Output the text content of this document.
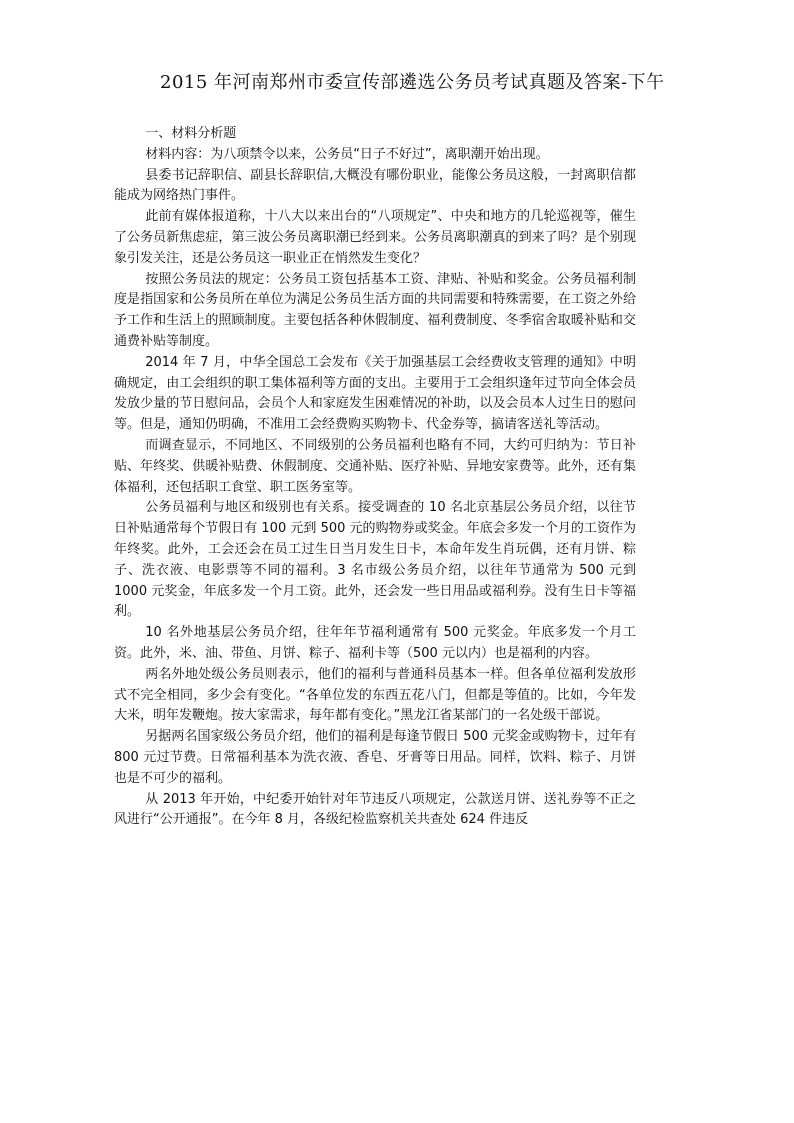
2015 年河南郑州市委宣传部遴选公务员考试真题及答案-下午

一、材料分析题

材料内容：为八项禁令以来，公务员“日子不好过”，离职潮开始出现。

县委书记辞职信、副县长辞职信,大概没有哪份职业，能像公务员这般，一封离职信都能成为网络热门事件。

此前有媒体报道称，十八大以来出台的“八项规定”、中央和地方的几轮巡视等，催生了公务员新焦虑症，第三波公务员离职潮已经到来。公务员离职潮真的到来了吗？是个别现象引发关注，还是公务员这一职业正在悄然发生变化？

按照公务员法的规定：公务员工资包括基本工资、津贴、补贴和奖金。公务员福利制度是指国家和公务员所在单位为满足公务员生活方面的共同需要和特殊需要，在工资之外给予工作和生活上的照顾制度。主要包括各种休假制度、福利费制度、冬季宿舍取暖补贴和交通费补贴等制度。

2014 年 7 月，中华全国总工会发布《关于加强基层工会经费收支管理的通知》中明确规定，由工会组织的职工集体福利等方面的支出。主要用于工会组织逢年过节向全体会员发放少量的节日慰问品，会员个人和家庭发生困难情况的补助，以及会员本人过生日的慰问等。但是，通知仍明确，不准用工会经费购买购物卡、代金券等，搞请客送礼等活动。

而调查显示，不同地区、不同级别的公务员福利也略有不同，大约可归纳为：节日补贴、年终奖、供暖补贴费、休假制度、交通补贴、医疗补贴、异地安家费等。此外，还有集体福利，还包括职工食堂、职工医务室等。

公务员福利与地区和级别也有关系。接受调查的 10 名北京基层公务员介绍，以往节日补贴通常每个节假日有 100 元到 500 元的购物券或奖金。年底会多发一个月的工资作为年终奖。此外，工会还会在员工过生日当月发生日卡，本命年发生肖玩偶，还有月饼、粽子、洗衣液、电影票等不同的福利。3 名市级公务员介绍，以往年节通常为 500 元到 1000 元奖金，年底多发一个月工资。此外，还会发一些日用品或福利券。没有生日卡等福利。

10 名外地基层公务员介绍，往年年节福利通常有 500 元奖金。年底多发一个月工资。此外，米、油、带鱼、月饼、粽子、福利卡等（500 元以内）也是福利的内容。

两名外地处级公务员则表示，他们的福利与普通科员基本一样。但各单位福利发放形式不完全相同，多少会有变化。“各单位发的东西五花八门，但都是等值的。比如，今年发大米，明年发鞭炮。按大家需求，每年都有变化。”黑龙江省某部门的一名处级干部说。

另据两名国家级公务员介绍，他们的福利是每逢节假日 500 元奖金或购物卡，过年有 800 元过节费。日常福利基本为洗衣液、香皂、牙膏等日用品。同样，饮料、粽子、月饼也是不可少的福利。

从 2013 年开始，中纪委开始针对年节违反八项规定，公款送月饼、送礼券等不正之风进行“公开通报”。在今年 8 月，各级纪检监察机关共查处 624 件违反
